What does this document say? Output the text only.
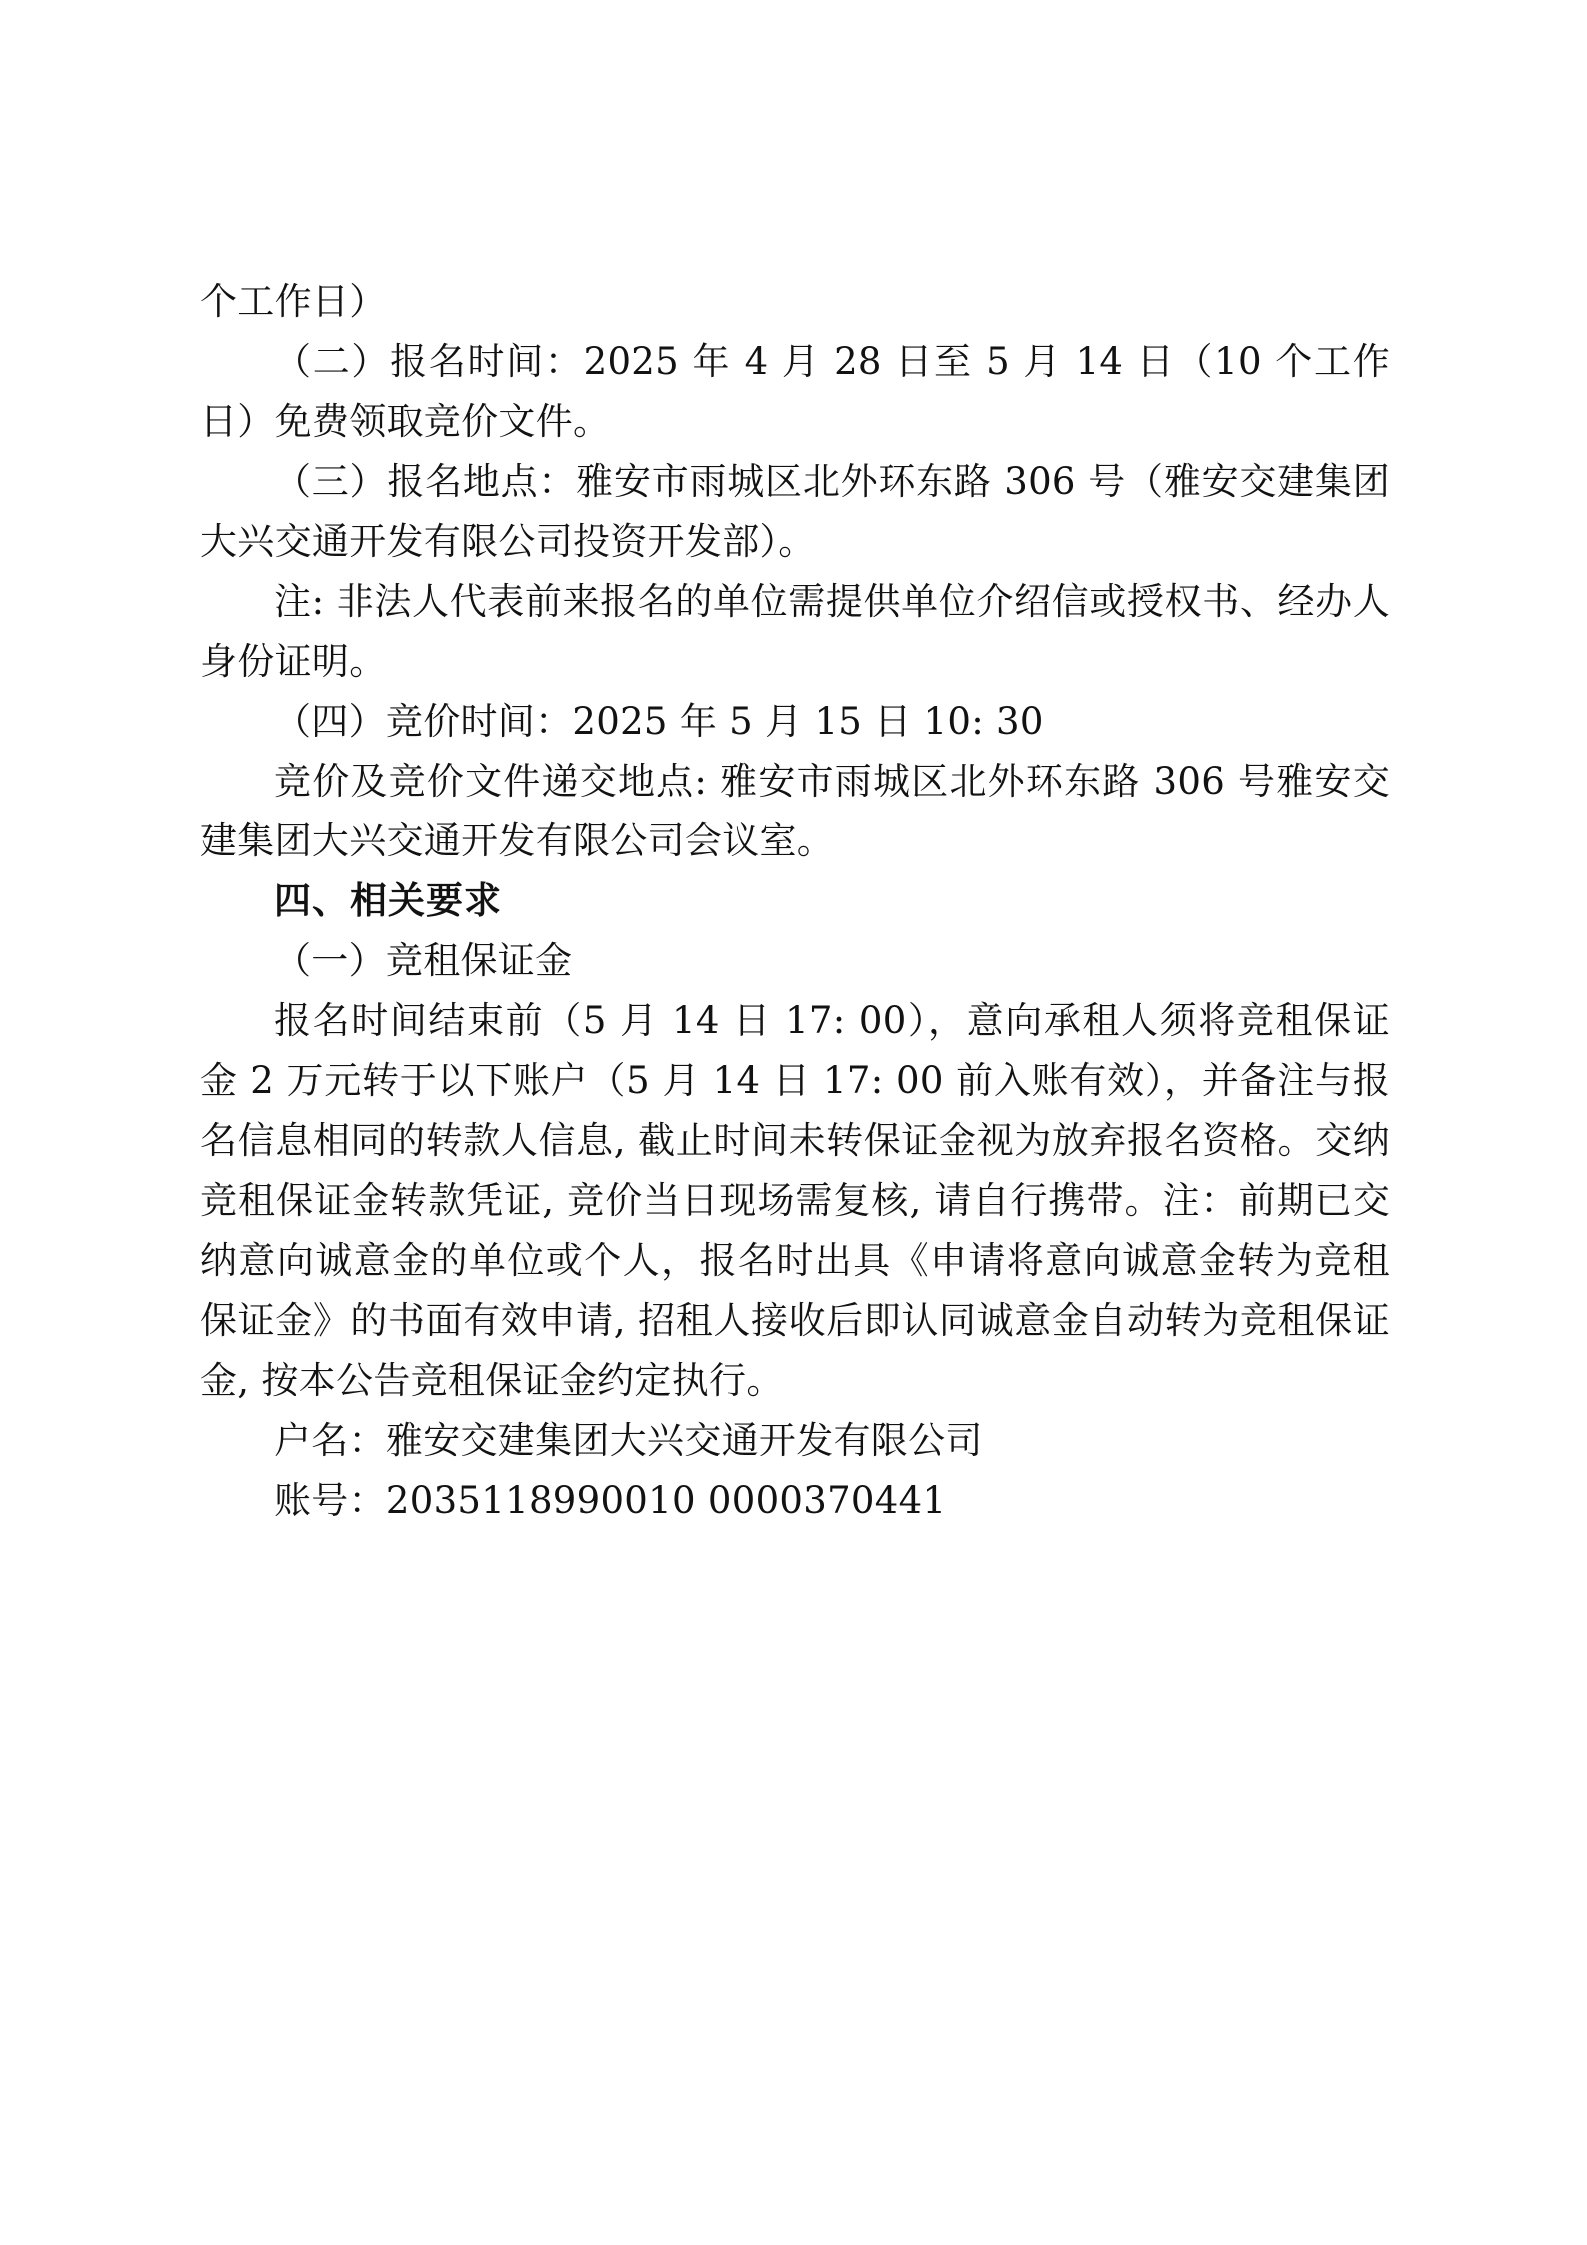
个工作日）

（二）报名时间：2025 年 4 月 28 日至 5 月 14 日（10 个工作日）免费领取竞价文件。

（三）报名地点：雅安市雨城区北外环东路 306 号（雅安交建集团大兴交通开发有限公司投资开发部）。

注: 非法人代表前来报名的单位需提供单位介绍信或授权书、经办人身份证明。

（四）竞价时间：2025 年 5 月 15 日 10: 30

竞价及竞价文件递交地点: 雅安市雨城区北外环东路 306 号雅安交建集团大兴交通开发有限公司会议室。

四、相关要求

（一）竞租保证金

报名时间结束前（5 月 14 日 17: 00），意向承租人须将竞租保证金 2 万元转于以下账户（5 月 14 日 17: 00 前入账有效），并备注与报名信息相同的转款人信息, 截止时间未转保证金视为放弃报名资格。交纳竞租保证金转款凭证, 竞价当日现场需复核, 请自行携带。注：前期已交纳意向诚意金的单位或个人，报名时出具《申请将意向诚意金转为竞租保证金》的书面有效申请, 招租人接收后即认同诚意金自动转为竞租保证金, 按本公告竞租保证金约定执行。

户名：雅安交建集团大兴交通开发有限公司

账号：2035118990010 0000370441
